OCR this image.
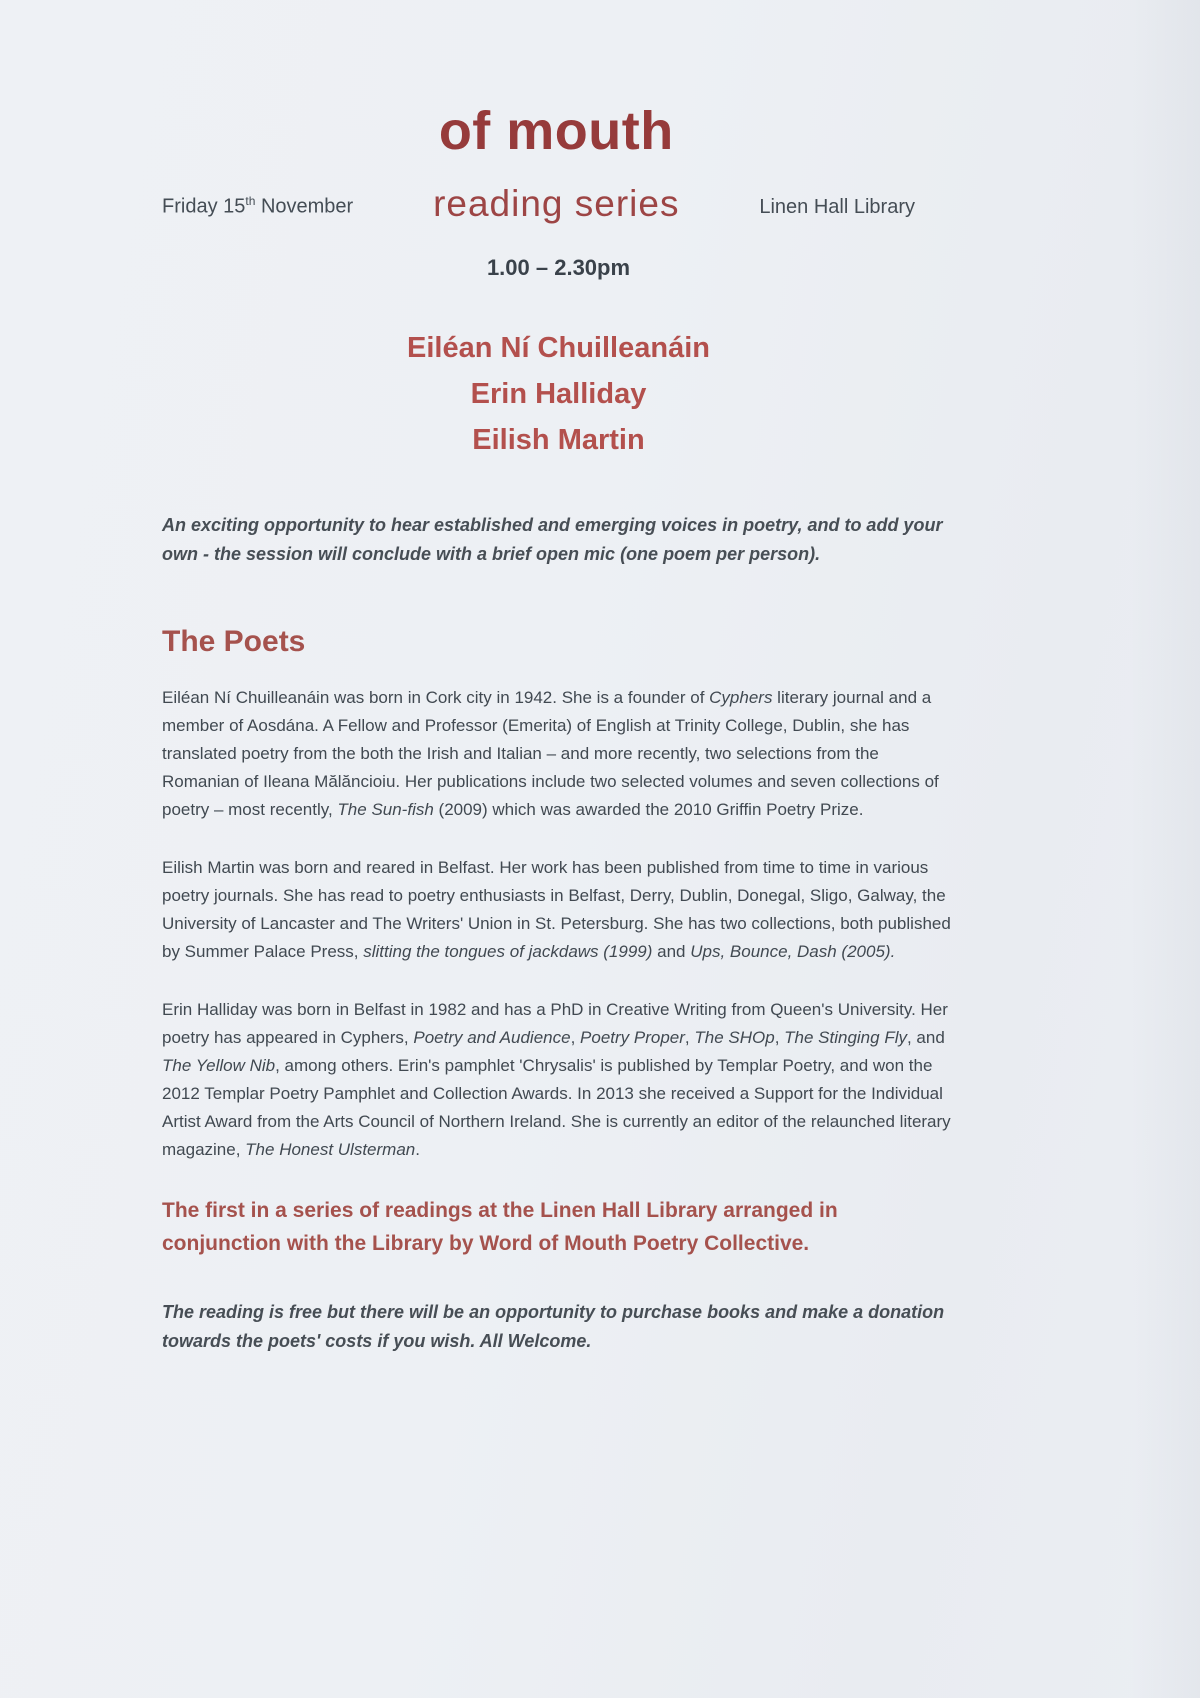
Friday 15th November
of mouth
reading series	Linen Hall Library
1.00 – 2.30pm
Eiléan Ní Chuilleanáin
Erin Halliday
Eilish Martin

An exciting opportunity to hear established and emerging voices in poetry, and to add your own - the session will conclude with a brief open mic (one poem per person).

The Poets

Eiléan Ní Chuilleanáin was born in Cork city in 1942. She is a founder of Cyphers literary journal and a member of Aosdána. A Fellow and Professor (Emerita) of English at Trinity College, Dublin, she has translated poetry from the both the Irish and Italian – and more recently, two selections from the Romanian of Ileana Mălăncioiu. Her publications include two selected volumes and seven collections of poetry – most recently, The Sun-fish (2009) which was awarded the 2010 Griffin Poetry Prize.

Eilish Martin was born and reared in Belfast. Her work has been published from time to time in various poetry journals. She has read to poetry enthusiasts in Belfast, Derry, Dublin, Donegal, Sligo, Galway, the University of Lancaster and The Writers' Union in St. Petersburg. She has two collections, both published by Summer Palace Press, slitting the tongues of jackdaws (1999) and Ups, Bounce, Dash (2005).

Erin Halliday was born in Belfast in 1982 and has a PhD in Creative Writing from Queen's University. Her poetry has appeared in Cyphers, Poetry and Audience, Poetry Proper, The SHOp, The Stinging Fly, and The Yellow Nib, among others. Erin's pamphlet 'Chrysalis' is published by Templar Poetry, and won the 2012 Templar Poetry Pamphlet and Collection Awards. In 2013 she received a Support for the Individual Artist Award from the Arts Council of Northern Ireland. She is currently an editor of the relaunched literary magazine, The Honest Ulsterman.

The first in a series of readings at the Linen Hall Library arranged in conjunction with the Library by Word of Mouth Poetry Collective.

The reading is free but there will be an opportunity to purchase books and make a donation towards the poets' costs if you wish. All Welcome.
